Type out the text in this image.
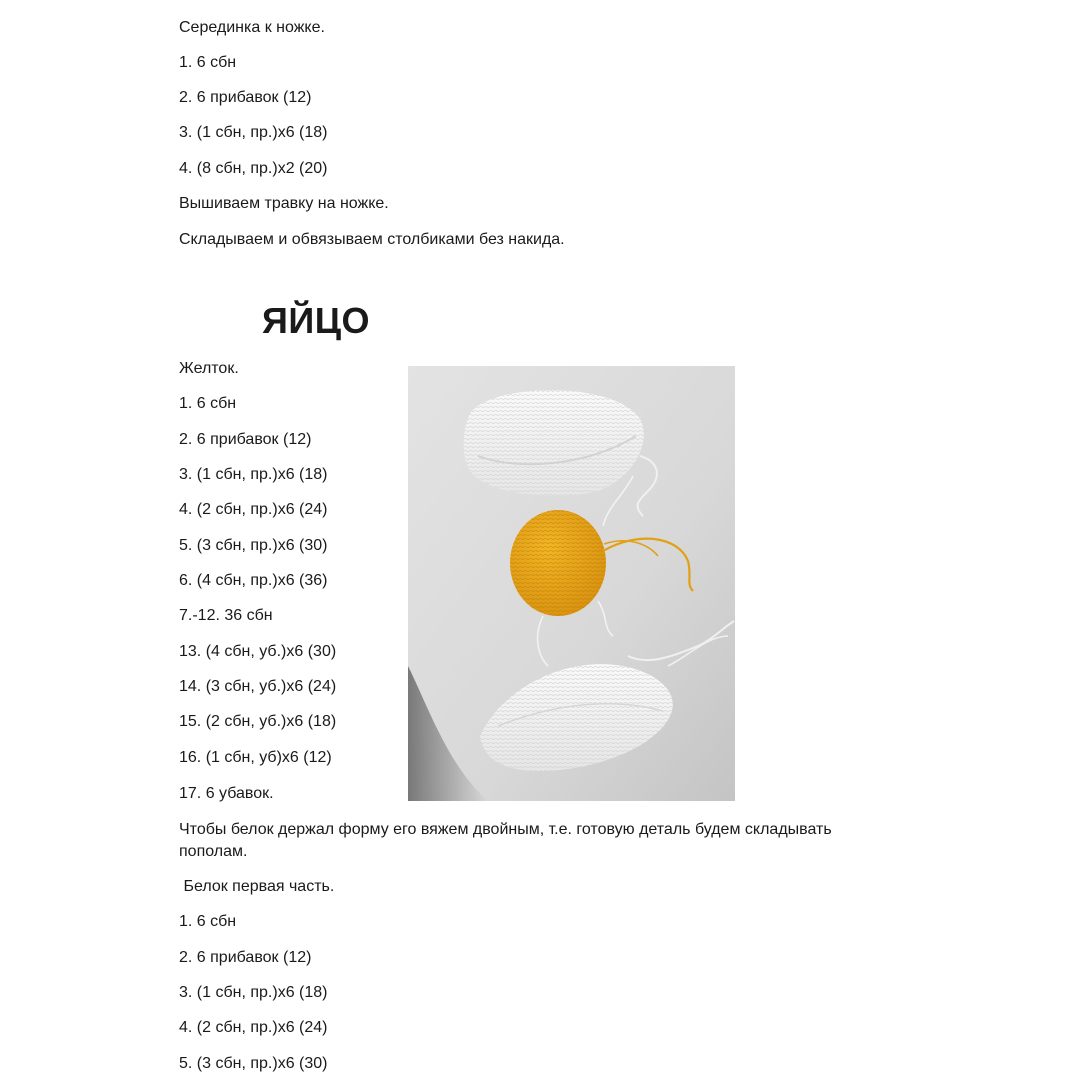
Серединка к ножке.
1. 6 сбн
2. 6 прибавок (12)
3. (1 сбн, пр.)х6 (18)
4. (8 сбн, пр.)х2 (20)
Вышиваем травку на ножке.
Складываем и обвязываем столбиками без накида.
ЯЙЦО
Желток.
1. 6 сбн
2. 6 прибавок (12)
3. (1 сбн, пр.)х6 (18)
4. (2 сбн, пр.)х6 (24)
5. (3 сбн, пр.)х6 (30)
6. (4 сбн, пр.)х6 (36)
7.-12. 36 сбн
13. (4 сбн, уб.)х6 (30)
14. (3 сбн, уб.)х6 (24)
15. (2 сбн, уб.)х6 (18)
16. (1 сбн, уб)х6 (12)
17. 6 убавок.
Чтобы белок держал форму его вяжем двойным, т.е. готовую деталь будем складывать пополам.
Белок первая часть.
1. 6 сбн
2. 6 прибавок (12)
3. (1 сбн, пр.)х6 (18)
4. (2 сбн, пр.)х6 (24)
5. (3 сбн, пр.)х6 (30)
